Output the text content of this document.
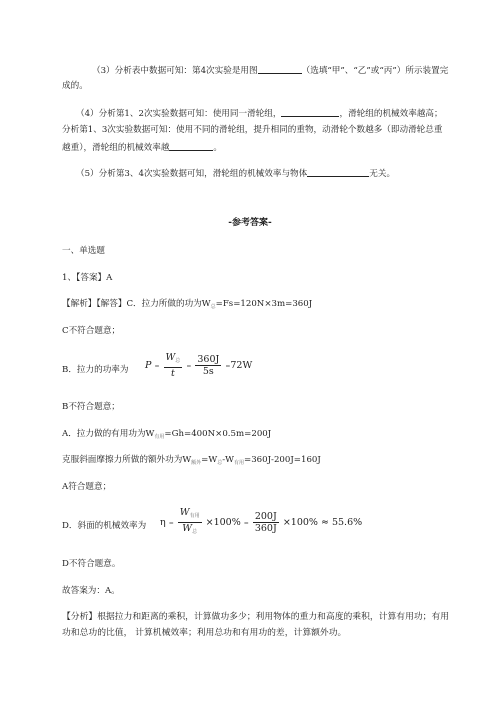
（3）分析表中数据可知：第4次实验是用图	（选填“甲”、“乙”或“丙”）所示装置完
成的。
（4）分析第1、2次实验数据可知：使用同一滑轮组，	，滑轮组的机械效率越高；
分析第1、3次实验数据可知：使用不同的滑轮组，提升相同的重物，动滑轮个数越多（即动滑轮总重
越重），滑轮组的机械效率越	。
（5）分析第3、4次实验数据可知，滑轮组的机械效率与物体	无关。
-参考答案-
一、单选题
1、【答案】A
【解析】【解答】C．拉力所做的功为$W_总=Fs=120N\times 3m=360J$
C不符合题意；
B．拉力的功率为	$P = \frac{W_总}{t} = \frac{360J}{5s} =72W$
B不符合题意；
A．拉力做的有用功为$W_{有用}=Gh=400N\times 0.5m=200J$
克服斜面摩擦力所做的额外功为$W_{额外}=W_总-W_{有用}=360J-200J=160J$
A符合题意；
D．斜面的机械效率为	$\eta = \frac{W_{有用}}{W_总} \times 100\% = \frac{200J}{360J} \times 100\% \approx 55.6\%$
D不符合题意。
故答案为：A。
【分析】根据拉力和距离的乘积，计算做功多少；利用物体的重力和高度的乘积，计算有用功；有用
功和总功的比值， 计算机械效率；利用总功和有用功的差，计算额外功。
